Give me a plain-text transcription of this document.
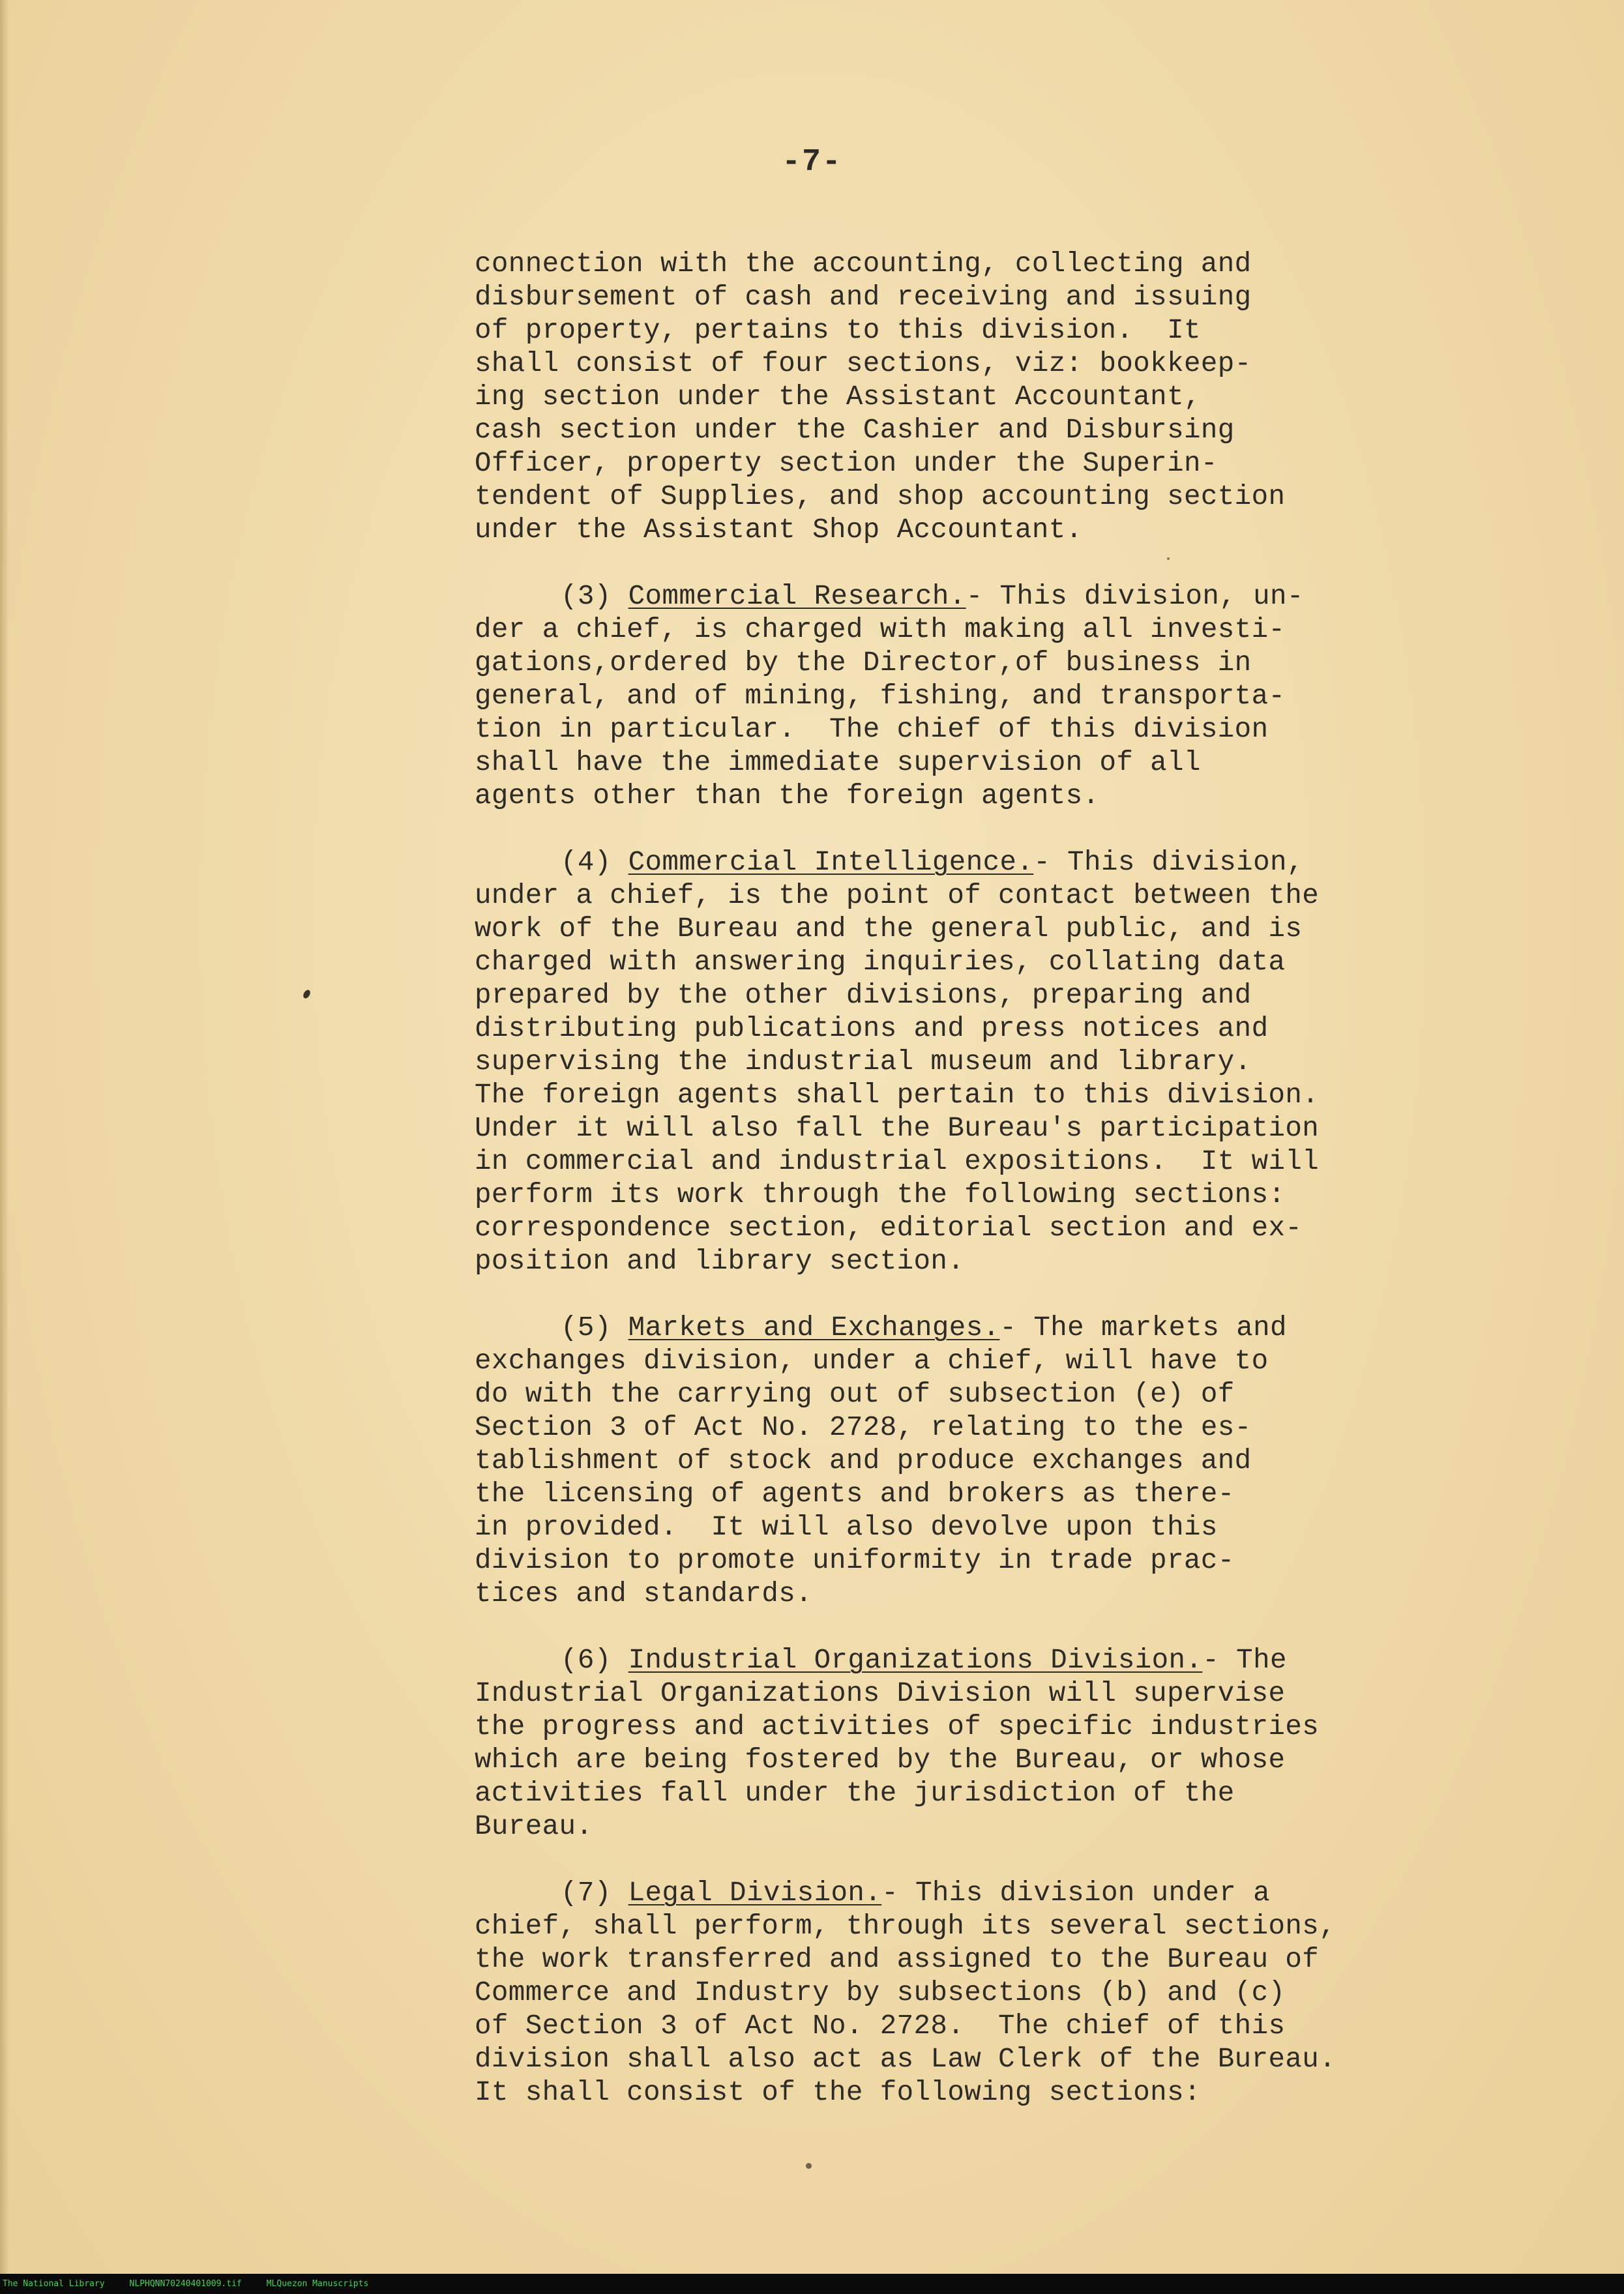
-7-
connection with the accounting, collecting and
disbursement of cash and receiving and issuing
of property, pertains to this division.  It
shall consist of four sections, viz: bookkeep-
ing section under the Assistant Accountant,
cash section under the Cashier and Disbursing
Officer, property section under the Superin-
tendent of Supplies, and shop accounting section
under the Assistant Shop Accountant.
(3) Commercial Research.- This division, un-
der a chief, is charged with making all investi-
gations,ordered by the Director,of business in
general, and of mining, fishing, and transporta-
tion in particular.  The chief of this division
shall have the immediate supervision of all
agents other than the foreign agents.
(4) Commercial Intelligence.- This division,
under a chief, is the point of contact between the
work of the Bureau and the general public, and is
charged with answering inquiries, collating data
prepared by the other divisions, preparing and
distributing publications and press notices and
supervising the industrial museum and library.
The foreign agents shall pertain to this division.
Under it will also fall the Bureau's participation
in commercial and industrial expositions.  It will
perform its work through the following sections:
correspondence section, editorial section and ex-
position and library section.
(5) Markets and Exchanges.- The markets and
exchanges division, under a chief, will have to
do with the carrying out of subsection (e) of
Section 3 of Act No. 2728, relating to the es-
tablishment of stock and produce exchanges and
the licensing of agents and brokers as there-
in provided.  It will also devolve upon this
division to promote uniformity in trade prac-
tices and standards.
(6) Industrial Organizations Division.- The
Industrial Organizations Division will supervise
the progress and activities of specific industries
which are being fostered by the Bureau, or whose
activities fall under the jurisdiction of the
Bureau.
(7) Legal Division.- This division under a
chief, shall perform, through its several sections,
the work transferred and assigned to the Bureau of
Commerce and Industry by subsections (b) and (c)
of Section 3 of Act No. 2728.  The chief of this
division shall also act as Law Clerk of the Bureau.
It shall consist of the following sections:
The National Library	NLPHQNN70240401009.tif	MLQuezon Manuscripts
